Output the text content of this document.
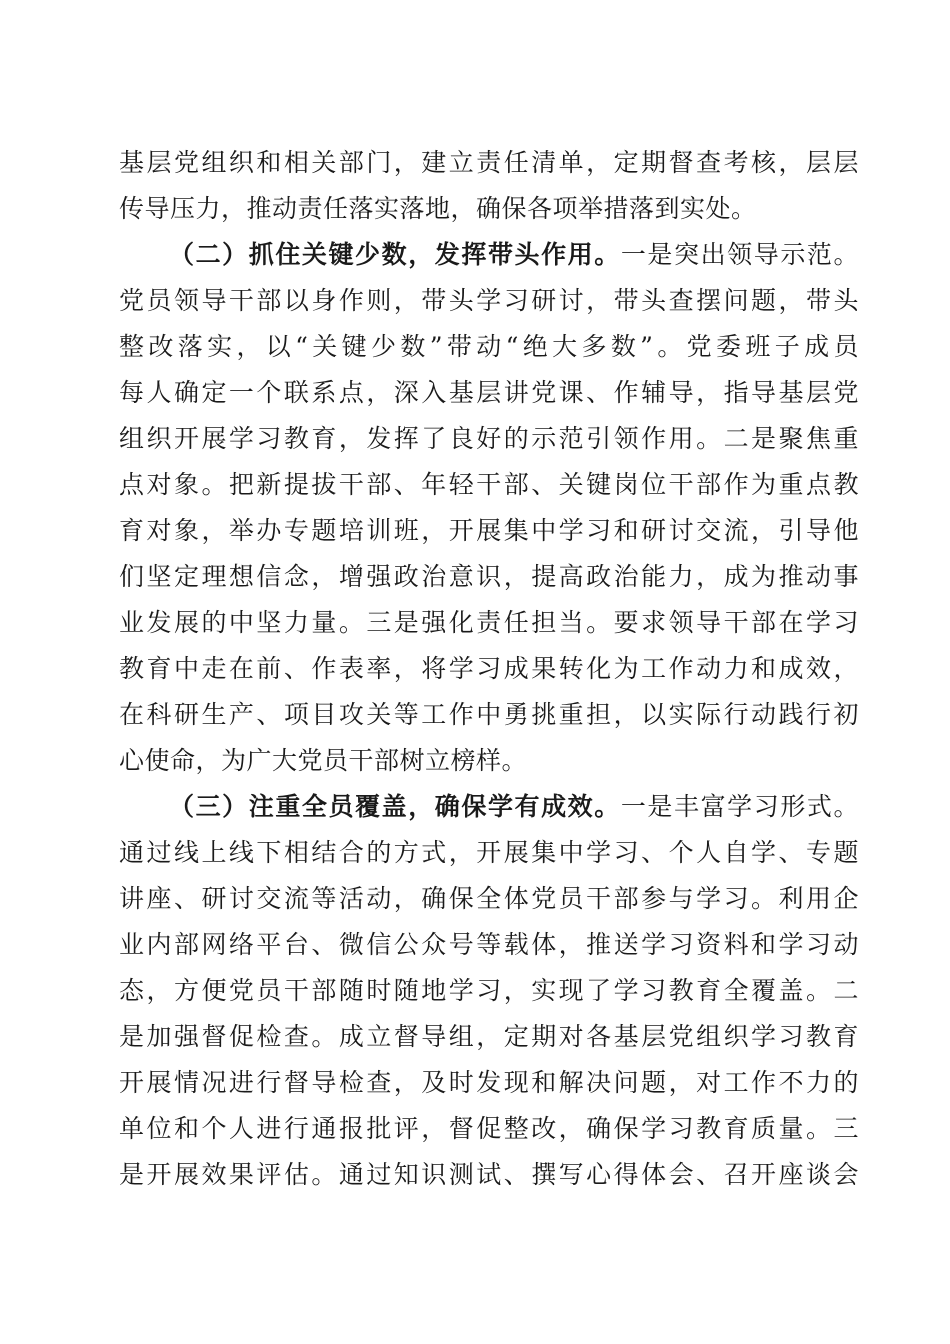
基层党组织和相关部门，建立责任清单，定期督查考核，层层
传导压力，推动责任落实落地，确保各项举措落到实处。
（二）抓住关键少数，发挥带头作用。一是突出领导示范。
党员领导干部以身作则，带头学习研讨，带头查摆问题，带头
整改落实，以“关键少数”带动“绝大多数”。党委班子成员
每人确定一个联系点，深入基层讲党课、作辅导，指导基层党
组织开展学习教育，发挥了良好的示范引领作用。二是聚焦重
点对象。把新提拔干部、年轻干部、关键岗位干部作为重点教
育对象，举办专题培训班，开展集中学习和研讨交流，引导他
们坚定理想信念，增强政治意识，提高政治能力，成为推动事
业发展的中坚力量。三是强化责任担当。要求领导干部在学习
教育中走在前、作表率，将学习成果转化为工作动力和成效，
在科研生产、项目攻关等工作中勇挑重担，以实际行动践行初
心使命，为广大党员干部树立榜样。
（三）注重全员覆盖，确保学有成效。一是丰富学习形式。
通过线上线下相结合的方式，开展集中学习、个人自学、专题
讲座、研讨交流等活动，确保全体党员干部参与学习。利用企
业内部网络平台、微信公众号等载体，推送学习资料和学习动
态，方便党员干部随时随地学习，实现了学习教育全覆盖。二
是加强督促检查。成立督导组，定期对各基层党组织学习教育
开展情况进行督导检查，及时发现和解决问题，对工作不力的
单位和个人进行通报批评，督促整改，确保学习教育质量。三
是开展效果评估。通过知识测试、撰写心得体会、召开座谈会
